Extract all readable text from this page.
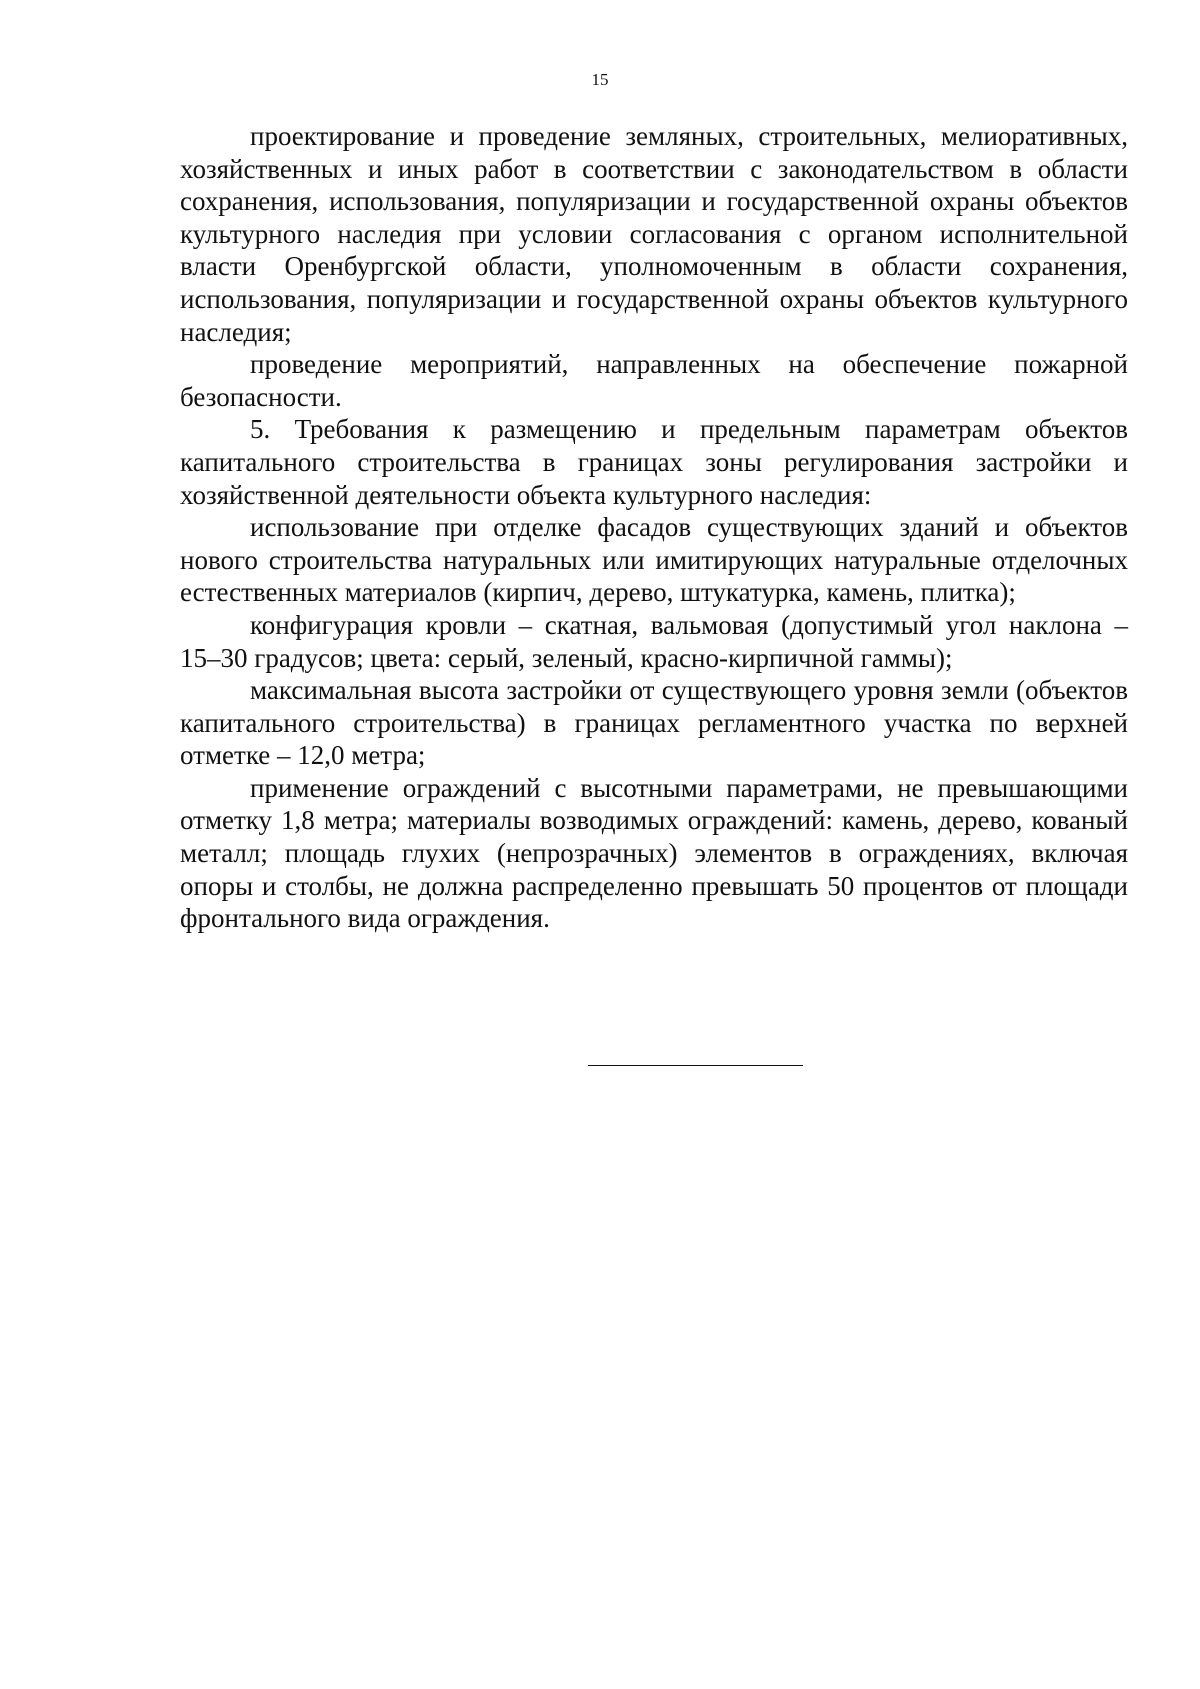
15

проектирование и проведение земляных, строительных, мелиоративных, хозяйственных и иных работ в соответствии с законодательством в области сохранения, использования, популяризации и государственной охраны объектов культурного наследия при условии согласования с органом исполнительной власти Оренбургской области, уполномоченным в области сохранения, использования, популяризации и государственной охраны объектов культурного наследия;

проведение мероприятий, направленных на обеспечение пожарной безопасности.

5. Требования к размещению и предельным параметрам объектов капитального строительства в границах зоны регулирования застройки и хозяйственной деятельности объекта культурного наследия:

использование при отделке фасадов существующих зданий и объектов нового строительства натуральных или имитирующих натуральные отделочных естественных материалов (кирпич, дерево, штукатурка, камень, плитка);

конфигурация кровли – скатная, вальмовая (допустимый угол наклона – 15–30 градусов; цвета: серый, зеленый, красно-кирпичной гаммы);

максимальная высота застройки от существующего уровня земли (объектов капитального строительства) в границах регламентного участка по верхней отметке – 12,0 метра;

применение ограждений с высотными параметрами, не превышающими отметку 1,8 метра; материалы возводимых ограждений: камень, дерево, кованый металл; площадь глухих (непрозрачных) элементов в ограждениях, включая опоры и столбы, не должна распределенно превышать 50 процентов от площади фронтального вида ограждения.
